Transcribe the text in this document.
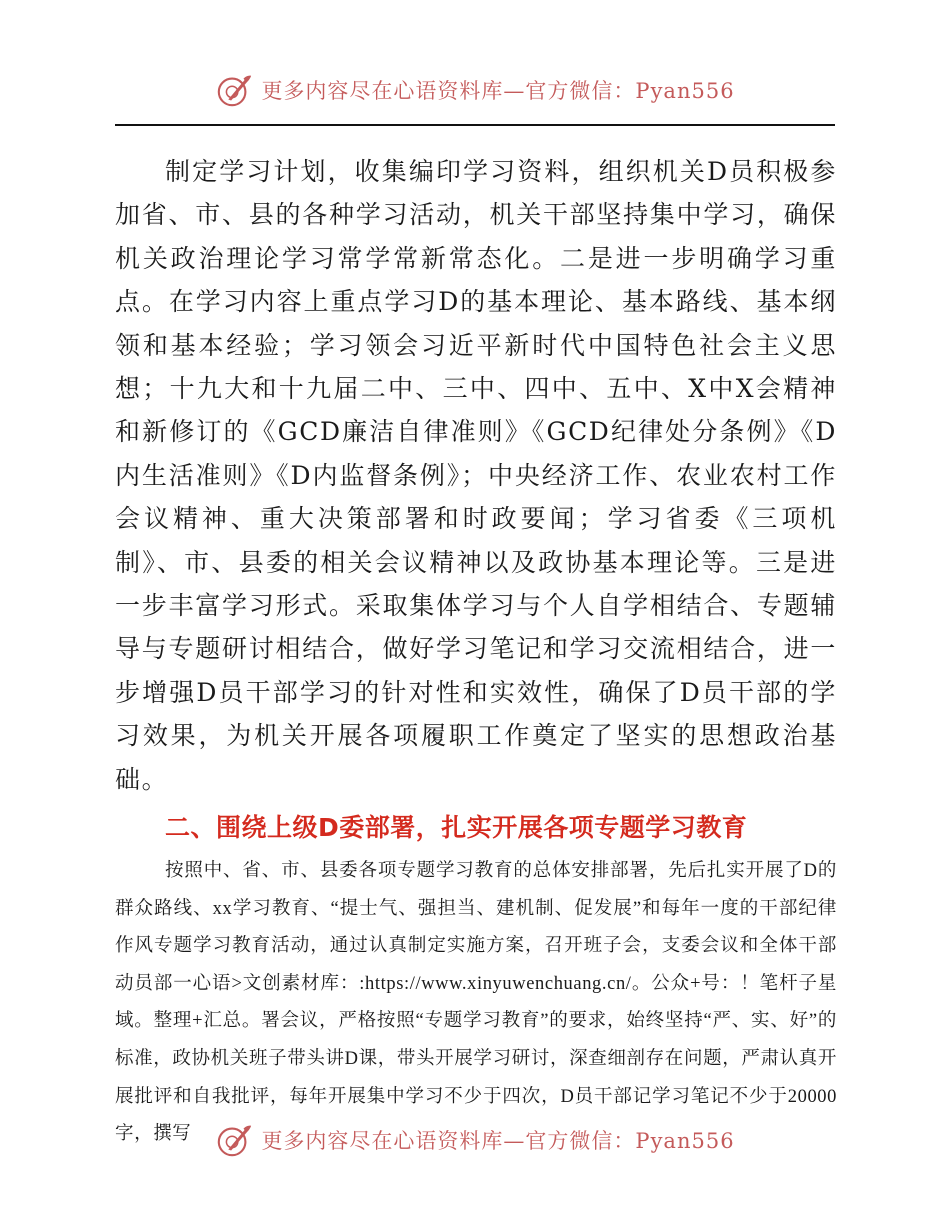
更多内容尽在心语资料库—官方微信：Pyan556

制定学习计划，收集编印学习资料，组织机关D员积极参加省、市、县的各种学习活动，机关干部坚持集中学习，确保机关政治理论学习常学常新常态化。二是进一步明确学习重点。在学习内容上重点学习D的基本理论、基本路线、基本纲领和基本经验；学习领会习近平新时代中国特色社会主义思想；十九大和十九届二中、三中、四中、五中、X中X会精神和新修订的《GCD廉洁自律准则》《GCD纪律处分条例》《D内生活准则》《D内监督条例》；中央经济工作、农业农村工作会议精神、重大决策部署和时政要闻；学习省委《三项机制》、市、县委的相关会议精神以及政协基本理论等。三是进一步丰富学习形式。采取集体学习与个人自学相结合、专题辅导与专题研讨相结合，做好学习笔记和学习交流相结合，进一步增强D员干部学习的针对性和实效性，确保了D员干部的学习效果，为机关开展各项履职工作奠定了坚实的思想政治基础。

二、围绕上级D委部署，扎实开展各项专题学习教育

按照中、省、市、县委各项专题学习教育的总体安排部署，先后扎实开展了D的群众路线、xx学习教育、“提士气、强担当、建机制、促发展”和每年一度的干部纪律作风专题学习教育活动，通过认真制定实施方案，召开班子会，支委会议和全体干部动员部一心语>文创素材库：:https://www.xinyuwenchuang.cn/。公众+号：！笔杆子星域。整理+汇总。署会议，严格按照“专题学习教育”的要求，始终坚持“严、实、好”的标准，政协机关班子带头讲D课，带头开展学习研讨，深查细剖存在问题，严肃认真开展批评和自我批评，每年开展集中学习不少于四次，D员干部记学习笔记不少于20000字，撰写	更多内容尽在心语资料库—官方微信：Pyan556
